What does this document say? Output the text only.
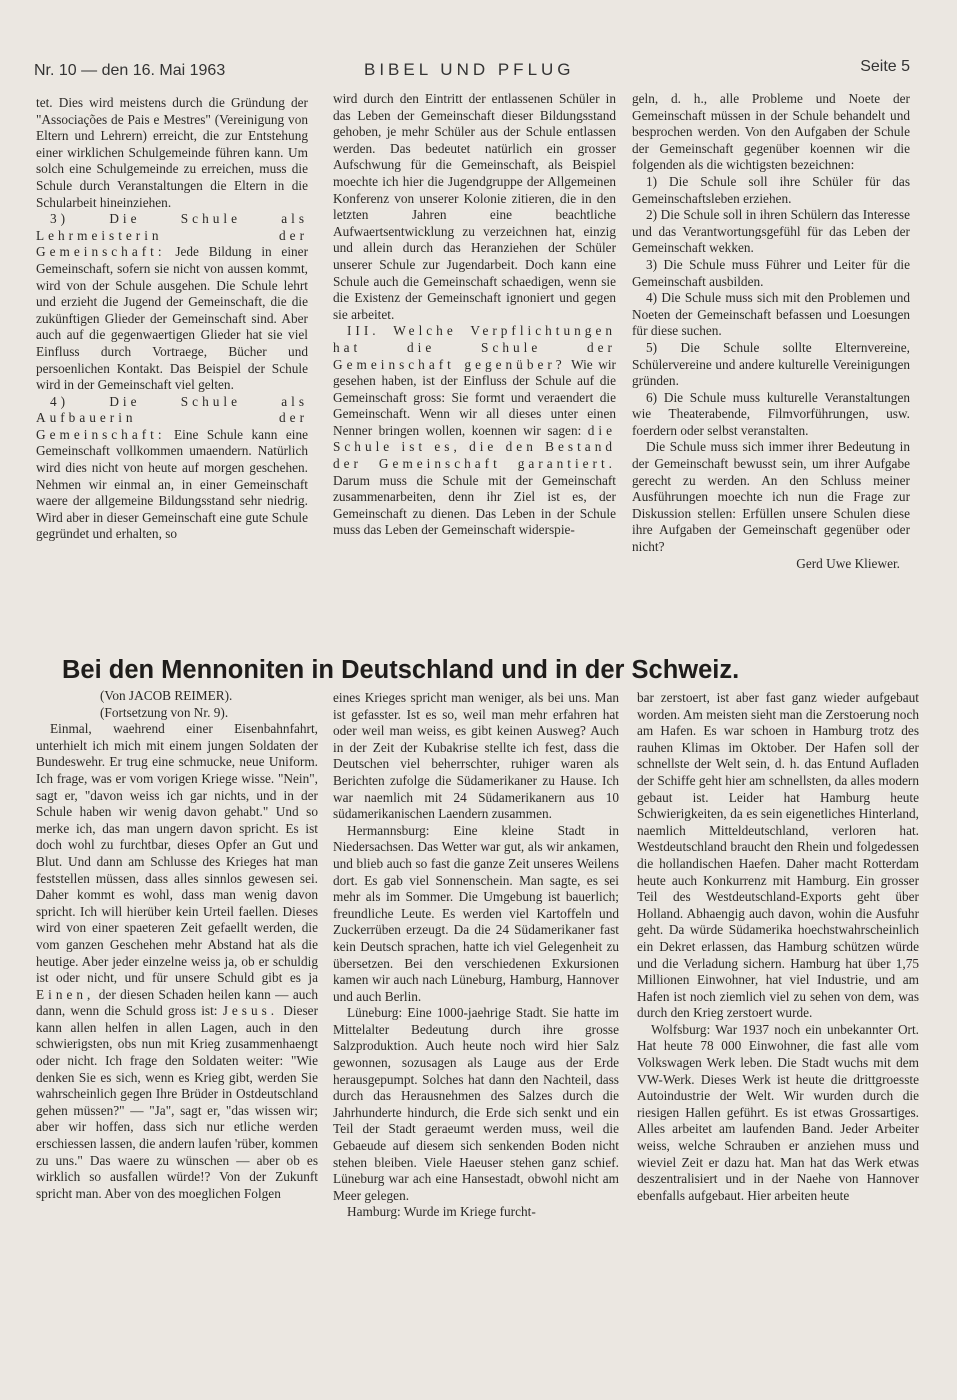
Nr. 10 — den 16. Mai 1963	BIBEL UND PFLUG	Seite 5

tet. Dies wird meistens durch die Gründung der "Associações de Pais e Mestres" (Vereinigung von Eltern und Lehrern) erreicht, die zur Entstehung einer wirklichen Schulgemeinde führen kann. Um solch eine Schulgemeinde zu erreichen, muss die Schule durch Veranstaltungen die Eltern in die Schularbeit hineinziehen.

3) Die Schule als Lehrmeisterin der Gemeinschaft: Jede Bildung in einer Gemeinschaft, sofern sie nicht von aussen kommt, wird von der Schule ausgehen. Die Schule lehrt und erzieht die Jugend der Gemeinschaft, die die zukünftigen Glieder der Gemeinschaft sind. Aber auch auf die gegenwaertigen Glieder hat sie viel Einfluss durch Vortraege, Bücher und persoenlichen Kontakt. Das Beispiel der Schule wird in der Gemeinschaft viel gelten.

4) Die Schule als Aufbauerin der Gemeinschaft: Eine Schule kann eine Gemeinschaft vollkommen umaendern. Natürlich wird dies nicht von heute auf morgen geschehen. Nehmen wir einmal an, in einer Gemeinschaft waere der allgemeine Bildungsstand sehr niedrig. Wird aber in dieser Gemeinschaft eine gute Schule gegründet und erhalten, so

wird durch den Eintritt der entlassenen Schüler in das Leben der Gemeinschaft dieser Bildungsstand gehoben, je mehr Schüler aus der Schule entlassen werden. Das bedeutet natürlich ein grosser Aufschwung für die Gemeinschaft, als Beispiel moechte ich hier die Jugendgruppe der Allgemeinen Konferenz von unserer Kolonie zitieren, die in den letzten Jahren eine beachtliche Aufwaertsentwicklung zu verzeichnen hat, einzig und allein durch das Heranziehen der Schüler unserer Schule zur Jugendarbeit. Doch kann eine Schule auch die Gemeinschaft schaedigen, wenn sie die Existenz der Gemeinschaft ignoniert und gegen sie arbeitet.

III. Welche Verpflichtungen hat die Schule der Gemeinschaft gegenüber? Wie wir gesehen haben, ist der Einfluss der Schule auf die Gemeinschaft gross: Sie formt und veraendert die Gemeinschaft. Wenn wir all dieses unter einen Nenner bringen wollen, koennen wir sagen: die Schule ist es, die den Bestand der Gemeinschaft garantiert. Darum muss die Schule mit der Gemeinschaft zusammenarbeiten, denn ihr Ziel ist es, der Gemeinschaft zu dienen. Das Leben in der Schule muss das Leben der Gemeinschaft widerspie-

geln, d. h., alle Probleme und Noete der Gemeinschaft müssen in der Schule behandelt und besprochen werden. Von den Aufgaben der Schule der Gemeinschaft gegenüber koennen wir die folgenden als die wichtigsten bezeichnen:

1) Die Schule soll ihre Schüler für das Gemeinschaftsleben erziehen.

2) Die Schule soll in ihren Schülern das Interesse und das Verantwortungsgefühl für das Leben der Gemeinschaft wekken.

3) Die Schule muss Führer und Leiter für die Gemeinschaft ausbilden.

4) Die Schule muss sich mit den Problemen und Noeten der Gemeinschaft befassen und Loesungen für diese suchen.

5) Die Schule sollte Elternvereine, Schülervereine und andere kulturelle Vereinigungen gründen.

6) Die Schule muss kulturelle Veranstaltungen wie Theaterabende, Filmvorführungen, usw. foerdern oder selbst veranstalten.

Die Schule muss sich immer ihrer Bedeutung in der Gemeinschaft bewusst sein, um ihrer Aufgabe gerecht zu werden. An den Schluss meiner Ausführungen moechte ich nun die Frage zur Diskussion stellen: Erfüllen unsere Schulen diese ihre Aufgaben der Gemeinschaft gegenüber oder nicht?

Gerd Uwe Kliewer.

Bei den Mennoniten in Deutschland und in der Schweiz.

(Von JACOB REIMER).

(Fortsetzung von Nr. 9).

Einmal, waehrend einer Eisenbahnfahrt, unterhielt ich mich mit einem jungen Soldaten der Bundeswehr. Er trug eine schmucke, neue Uniform. Ich frage, was er vom vorigen Kriege wisse. "Nein", sagt er, "davon weiss ich gar nichts, und in der Schule haben wir wenig davon gehabt." Und so merke ich, das man ungern davon spricht. Es ist doch wohl zu furchtbar, dieses Opfer an Gut und Blut. Und dann am Schlusse des Krieges hat man feststellen müssen, dass alles sinnlos gewesen sei. Daher kommt es wohl, dass man wenig davon spricht. Ich will hierüber kein Urteil faellen. Dieses wird von einer spaeteren Zeit gefaellt werden, die vom ganzen Geschehen mehr Abstand hat als die heutige. Aber jeder einzelne weiss ja, ob er schuldig ist oder nicht, und für unsere Schuld gibt es ja Einen, der diesen Schaden heilen kann — auch dann, wenn die Schuld gross ist: Jesus. Dieser kann allen helfen in allen Lagen, auch in den schwierigsten, obs nun mit Krieg zusammenhaengt oder nicht. Ich frage den Soldaten weiter: "Wie denken Sie es sich, wenn es Krieg gibt, werden Sie wahrscheinlich gegen Ihre Brüder in Ostdeutschland gehen müssen?" — "Ja", sagt er, "das wissen wir; aber wir hoffen, dass sich nur etliche werden erschiessen lassen, die andern laufen 'rüber, kommen zu uns." Das waere zu wünschen — aber ob es wirklich so ausfallen würde!? Von der Zukunft spricht man. Aber von des moeglichen Folgen

eines Krieges spricht man weniger, als bei uns. Man ist gefasster. Ist es so, weil man mehr erfahren hat oder weil man weiss, es gibt keinen Ausweg? Auch in der Zeit der Kubakrise stellte ich fest, dass die Deutschen viel beherrschter, ruhiger waren als Berichten zufolge die Südamerikaner zu Hause. Ich war naemlich mit 24 Südamerikanern aus 10 südamerikanischen Laendern zusammen.

Hermannsburg: Eine kleine Stadt in Niedersachsen. Das Wetter war gut, als wir ankamen, und blieb auch so fast die ganze Zeit unseres Weilens dort. Es gab viel Sonnenschein. Man sagte, es sei mehr als im Sommer. Die Umgebung ist bauerlich; freundliche Leute. Es werden viel Kartoffeln und Zuckerrüben erzeugt. Da die 24 Südamerikaner fast kein Deutsch sprachen, hatte ich viel Gelegenheit zu übersetzen. Bei den verschiedenen Exkursionen kamen wir auch nach Lüneburg, Hamburg, Hannover und auch Berlin.

Lüneburg: Eine 1000-jaehrige Stadt. Sie hatte im Mittelalter Bedeutung durch ihre grosse Salzproduktion. Auch heute noch wird hier Salz gewonnen, sozusagen als Lauge aus der Erde herausgepumpt. Solches hat dann den Nachteil, dass durch das Herausnehmen des Salzes durch die Jahrhunderte hindurch, die Erde sich senkt und ein Teil der Stadt geraeumt werden muss, weil die Gebaeude auf diesem sich senkenden Boden nicht stehen bleiben. Viele Haeuser stehen ganz schief. Lüneburg war ach eine Hansestadt, obwohl nicht am Meer gelegen.

Hamburg: Wurde im Kriege furcht-

bar zerstoert, ist aber fast ganz wieder aufgebaut worden. Am meisten sieht man die Zerstoerung noch am Hafen. Es war schoen in Hamburg trotz des rauhen Klimas im Oktober. Der Hafen soll der schnellste der Welt sein, d. h. das Entund Aufladen der Schiffe geht hier am schnellsten, da alles modern gebaut ist. Leider hat Hamburg heute Schwierigkeiten, da es sein eigenetliches Hinterland, naemlich Mitteldeutschland, verloren hat. Westdeutschland braucht den Rhein und folgedessen die hollandischen Haefen. Daher macht Rotterdam heute auch Konkurrenz mit Hamburg. Ein grosser Teil des Westdeutschland-Exports geht über Holland. Abhaengig auch davon, wohin die Ausfuhr geht. Da würde Südamerika hoechstwahrscheinlich ein Dekret erlassen, das Hamburg schützen würde und die Verladung sichern. Hamburg hat über 1,75 Millionen Einwohner, hat viel Industrie, und am Hafen ist noch ziemlich viel zu sehen von dem, was durch den Krieg zerstoert wurde.

Wolfsburg: War 1937 noch ein unbekannter Ort. Hat heute 78 000 Einwohner, die fast alle vom Volkswagen Werk leben. Die Stadt wuchs mit dem VW-Werk. Dieses Werk ist heute die drittgroesste Autoindustrie der Welt. Wir wurden durch die riesigen Hallen geführt. Es ist etwas Grossartiges. Alles arbeitet am laufenden Band. Jeder Arbeiter weiss, welche Schrauben er anziehen muss und wieviel Zeit er dazu hat. Man hat das Werk etwas deszentralisiert und in der Naehe von Hannover ebenfalls aufgebaut. Hier arbeiten heute
